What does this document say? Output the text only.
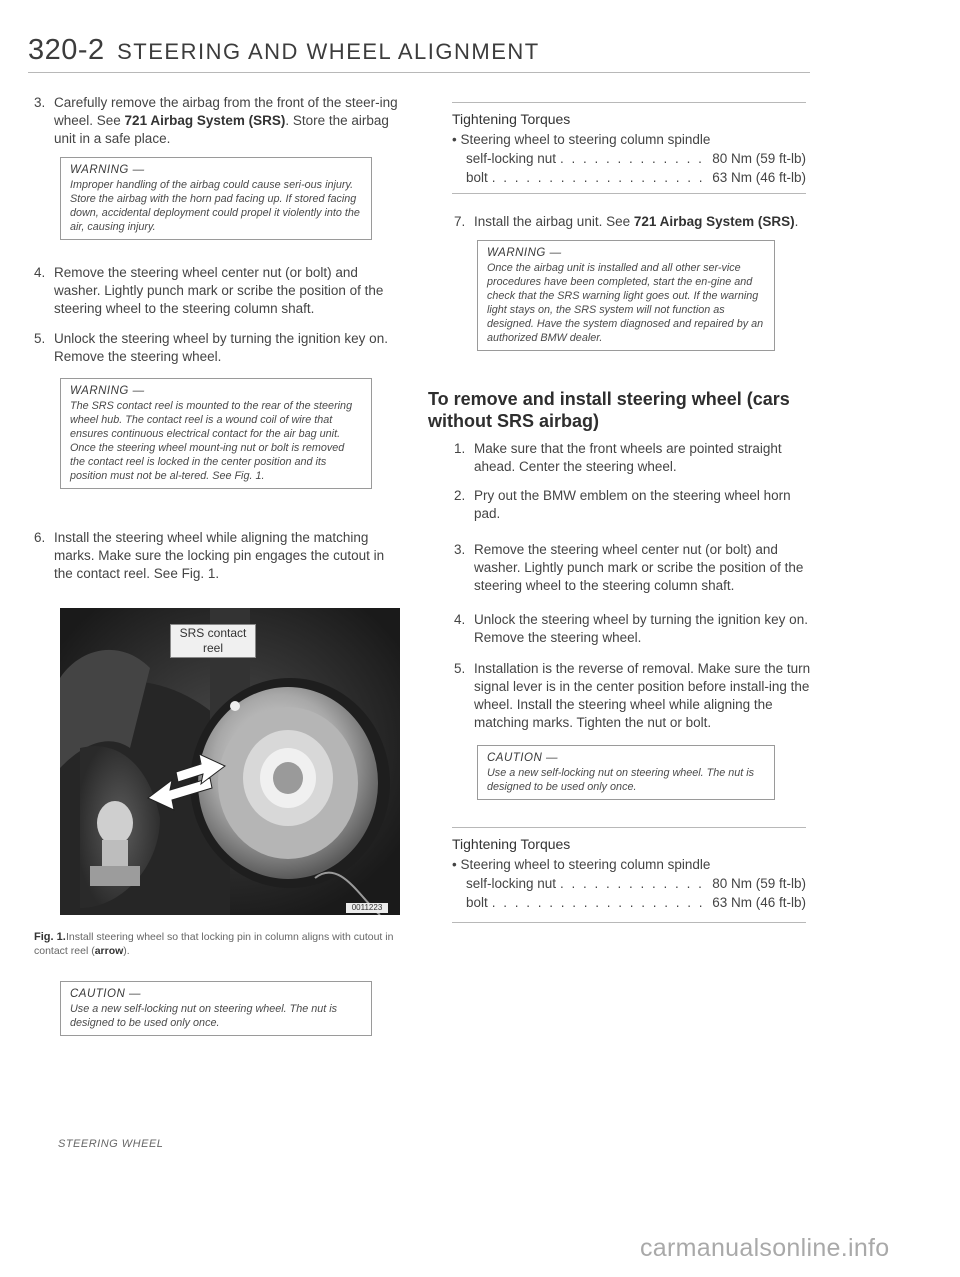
320-2 STEERING AND WHEEL ALIGNMENT
3. Carefully remove the airbag from the front of the steer-ing wheel. See 721 Airbag System (SRS). Store the airbag unit in a safe place.
WARNING —
Improper handling of the airbag could cause seri-ous injury. Store the airbag with the horn pad facing up. If stored facing down, accidental deployment could propel it violently into the air, causing injury.
4. Remove the steering wheel center nut (or bolt) and washer. Lightly punch mark or scribe the position of the steering wheel to the steering column shaft.
5. Unlock the steering wheel by turning the ignition key on. Remove the steering wheel.
WARNING —
The SRS contact reel is mounted to the rear of the steering wheel hub. The contact reel is a wound coil of wire that ensures continuous electrical contact for the air bag unit. Once the steering wheel mount-ing nut or bolt is removed the contact reel is locked in the center position and its position must not be al-tered. See Fig. 1.
6. Install the steering wheel while aligning the matching marks. Make sure the locking pin engages the cutout in the contact reel. See Fig. 1.
SRS contact reel
0011223
Fig. 1.Install steering wheel so that locking pin in column aligns with cutout in contact reel (arrow).
CAUTION —
Use a new self-locking nut on steering wheel. The nut is designed to be used only once.
STEERING WHEEL
Tightening Torques
• Steering wheel to steering column spindle
self-locking nut . . .	80 Nm (59 ft-lb)
bolt . . .	63 Nm (46 ft-lb)
7. Install the airbag unit. See 721 Airbag System (SRS).
WARNING —
Once the airbag unit is installed and all other ser-vice procedures have been completed, start the en-gine and check that the SRS warning light goes out. If the warning light stays on, the SRS system will not function as designed. Have the system diagnosed and repaired by an authorized BMW dealer.
To remove and install steering wheel (cars without SRS airbag)
1. Make sure that the front wheels are pointed straight ahead. Center the steering wheel.
2. Pry out the BMW emblem on the steering wheel horn pad.
3. Remove the steering wheel center nut (or bolt) and washer. Lightly punch mark or scribe the position of the steering wheel to the steering column shaft.
4. Unlock the steering wheel by turning the ignition key on. Remove the steering wheel.
5. Installation is the reverse of removal. Make sure the turn signal lever is in the center position before install-ing the wheel. Install the steering wheel while aligning the matching marks. Tighten the nut or bolt.
CAUTION —
Use a new self-locking nut on steering wheel. The nut is designed to be used only once.
Tightening Torques
• Steering wheel to steering column spindle
self-locking nut . . .	80 Nm (59 ft-lb)
bolt . . .	63 Nm (46 ft-lb)
carmanualsonline.info
